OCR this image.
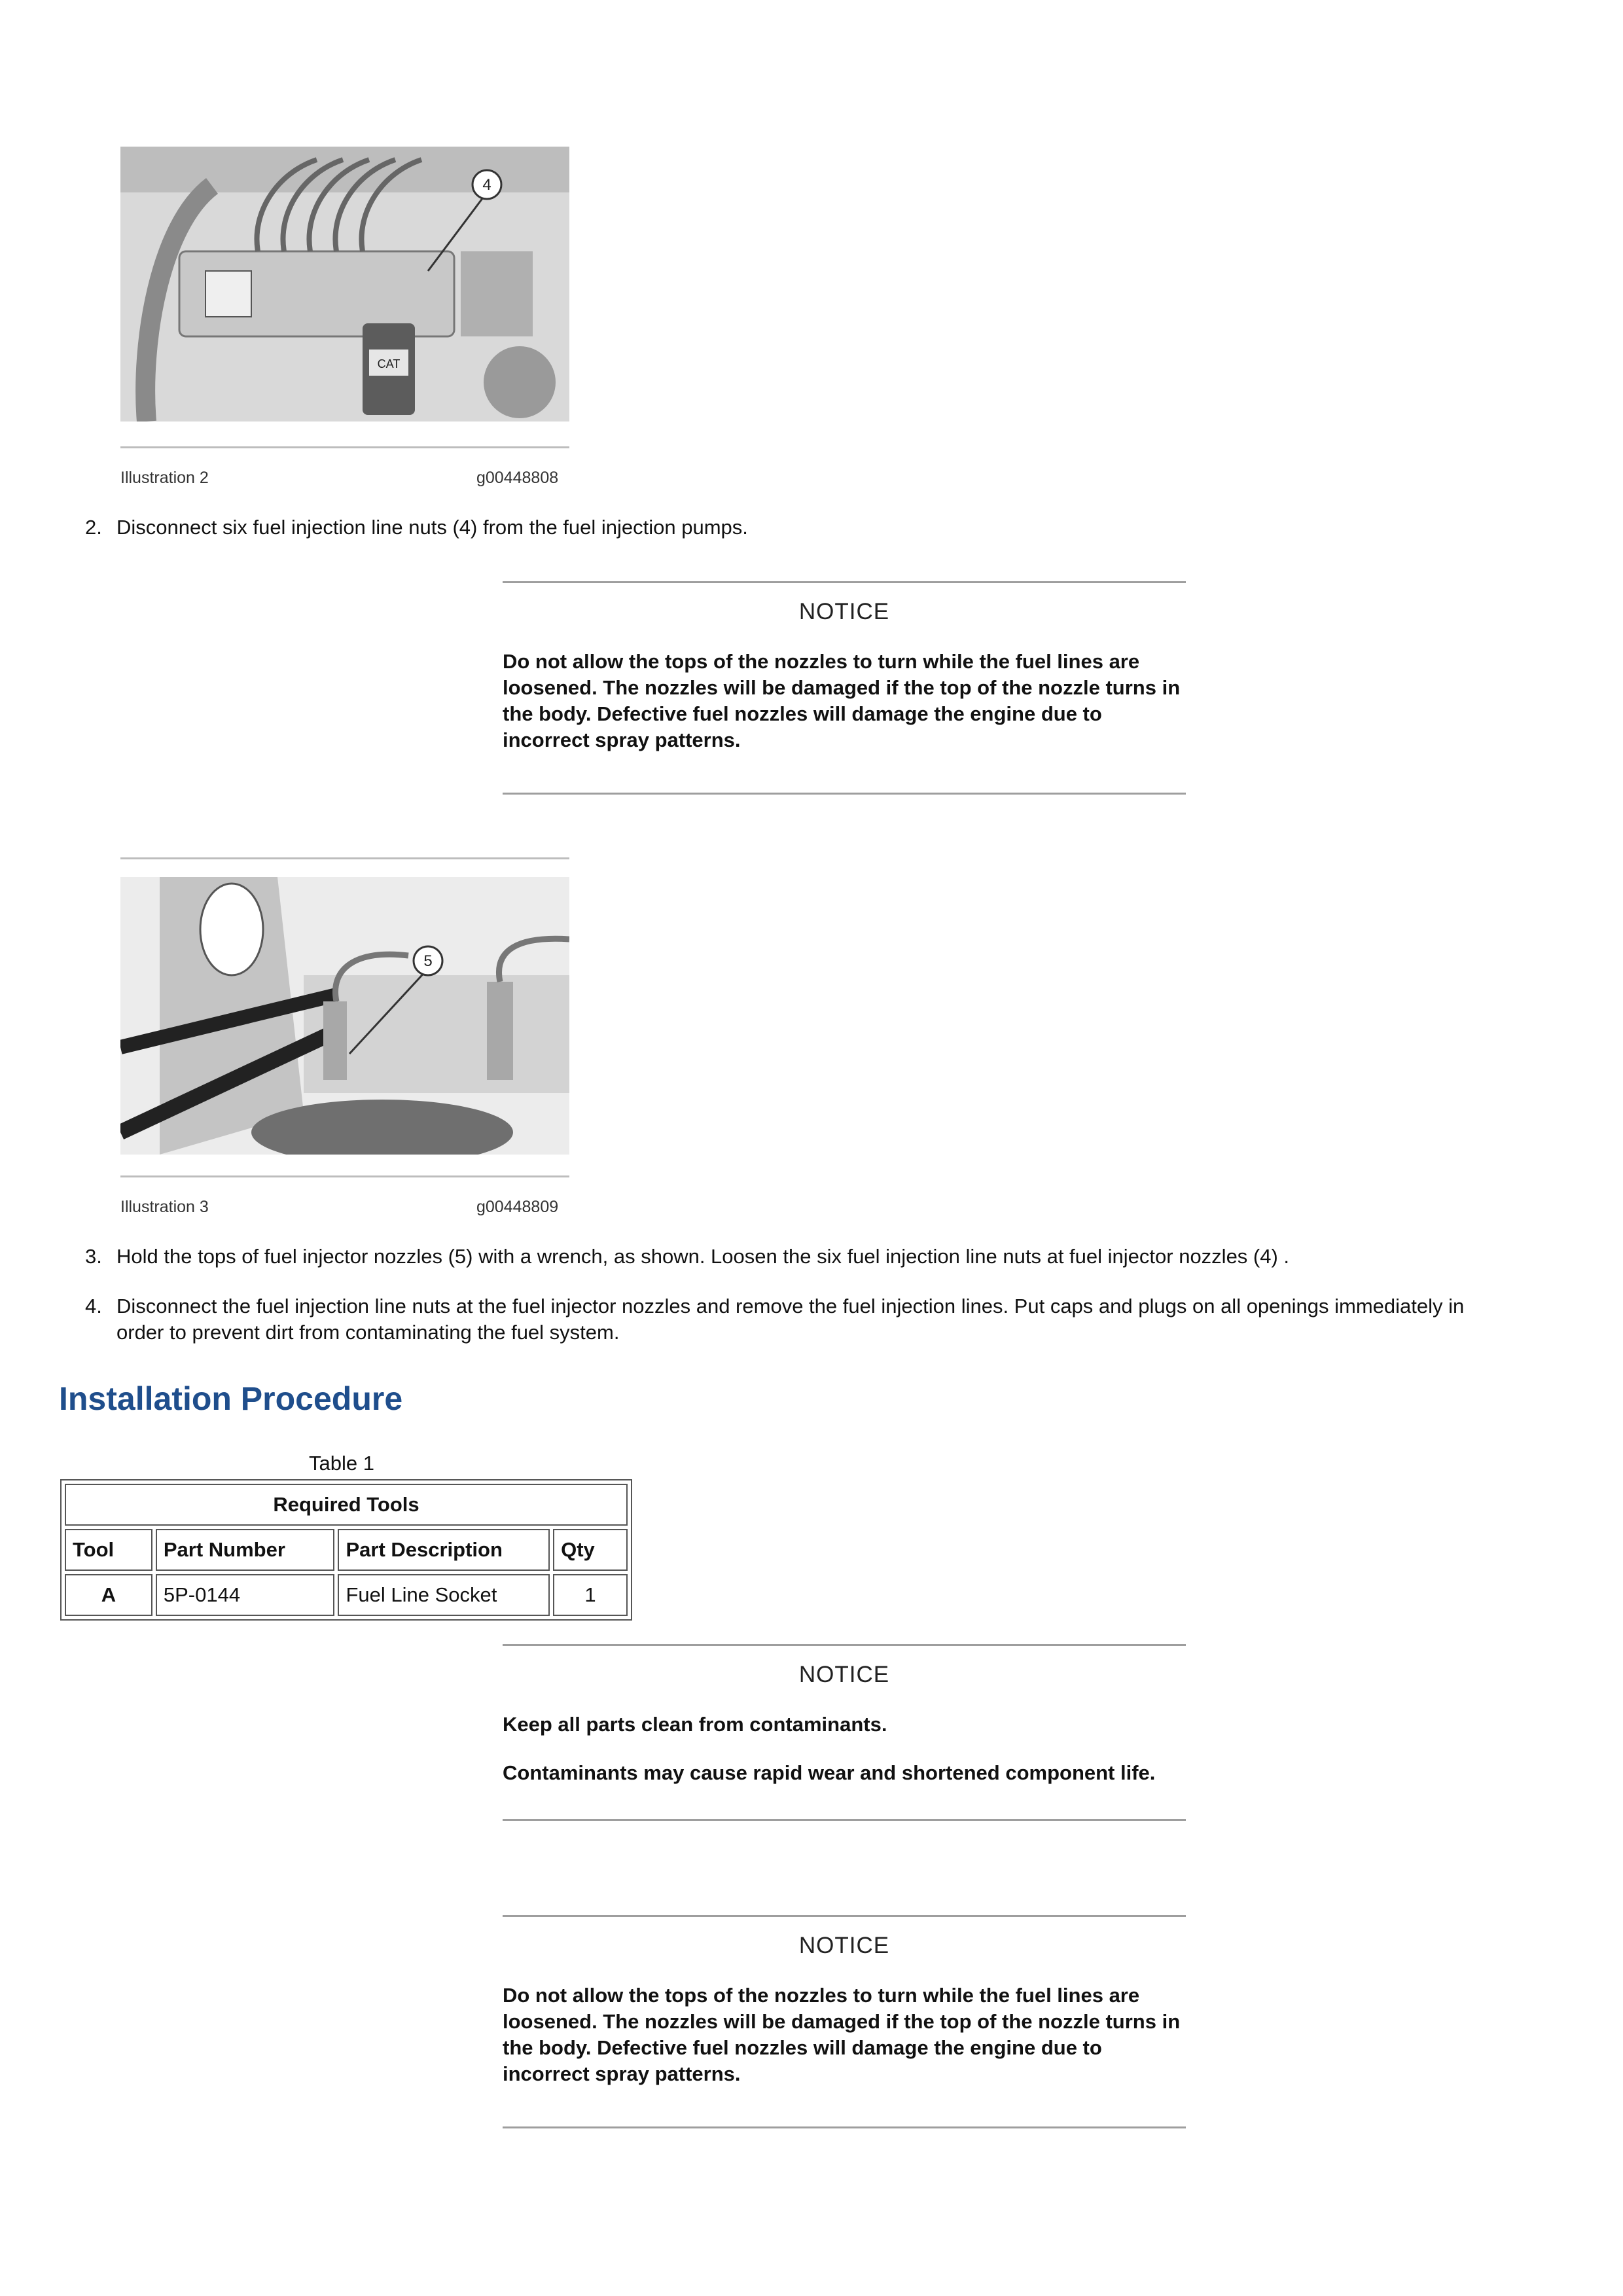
CAT
4
Illustration 2	g00448808
2. Disconnect six fuel injection line nuts (4) from the fuel injection pumps.
NOTICE

Do not allow the tops of the nozzles to turn while the fuel lines are loosened. The nozzles will be damaged if the top of the nozzle turns in the body. Defective fuel nozzles will damage the engine due to incorrect spray patterns.

5
Illustration 3	g00448809
3. Hold the tops of fuel injector nozzles (5) with a wrench, as shown. Loosen the six fuel injection line nuts at fuel injector nozzles (4) .
4. Disconnect the fuel injection line nuts at the fuel injector nozzles and remove the fuel injection lines. Put caps and plugs on all openings immediately in order to prevent dirt from contaminating the fuel system.
Installation Procedure
Table 1
Required Tools			
Tool	Part Number	Part Description	Qty
A	5P-0144	Fuel Line Socket	1
NOTICE

Keep all parts clean from contaminants.

Contaminants may cause rapid wear and shortened component life.

NOTICE

Do not allow the tops of the nozzles to turn while the fuel lines are loosened. The nozzles will be damaged if the top of the nozzle turns in the body. Defective fuel nozzles will damage the engine due to incorrect spray patterns.
